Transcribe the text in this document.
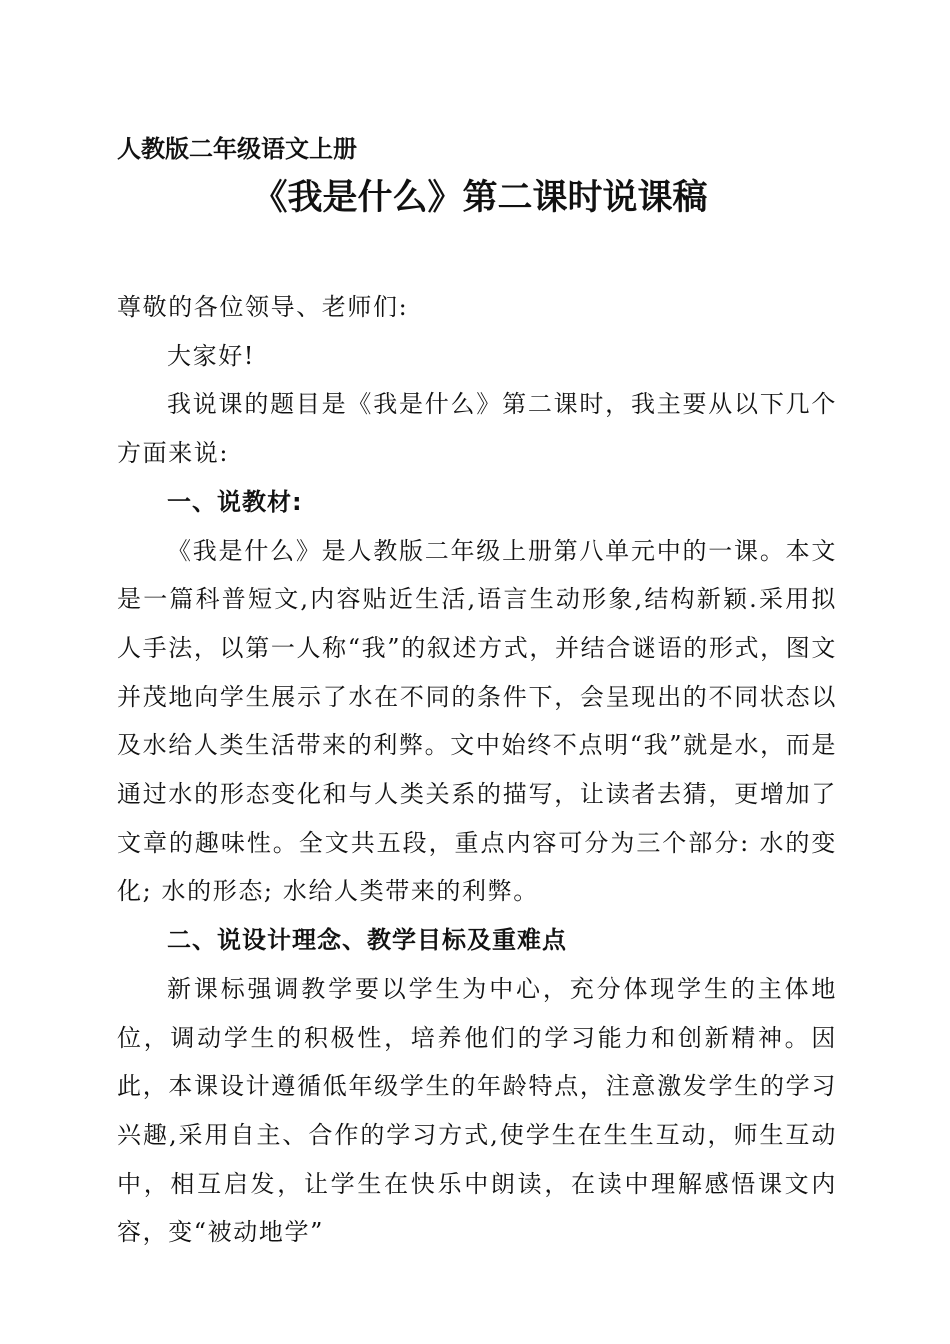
人教版二年级语文上册
《我是什么》第二课时说课稿

尊敬的各位领导、老师们:

大家好!

我说课的题目是《我是什么》第二课时，我主要从以下几个方面来说:

一、说教材:

《我是什么》是人教版二年级上册第八单元中的一课。本文是一篇科普短文,内容贴近生活,语言生动形象,结构新颖.采用拟人手法，以第一人称“我”的叙述方式，并结合谜语的形式，图文并茂地向学生展示了水在不同的条件下，会呈现出的不同状态以及水给人类生活带来的利弊。文中始终不点明“我”就是水，而是通过水的形态变化和与人类关系的描写，让读者去猜，更增加了文章的趣味性。全文共五段，重点内容可分为三个部分: 水的变化; 水的形态; 水给人类带来的利弊。

二、说设计理念、教学目标及重难点

新课标强调教学要以学生为中心，充分体现学生的主体地位，调动学生的积极性，培养他们的学习能力和创新精神。因此，本课设计遵循低年级学生的年龄特点，注意激发学生的学习兴趣,采用自主、合作的学习方式,使学生在生生互动，师生互动中，相互启发，让学生在快乐中朗读，在读中理解感悟课文内容，变“被动地学”
